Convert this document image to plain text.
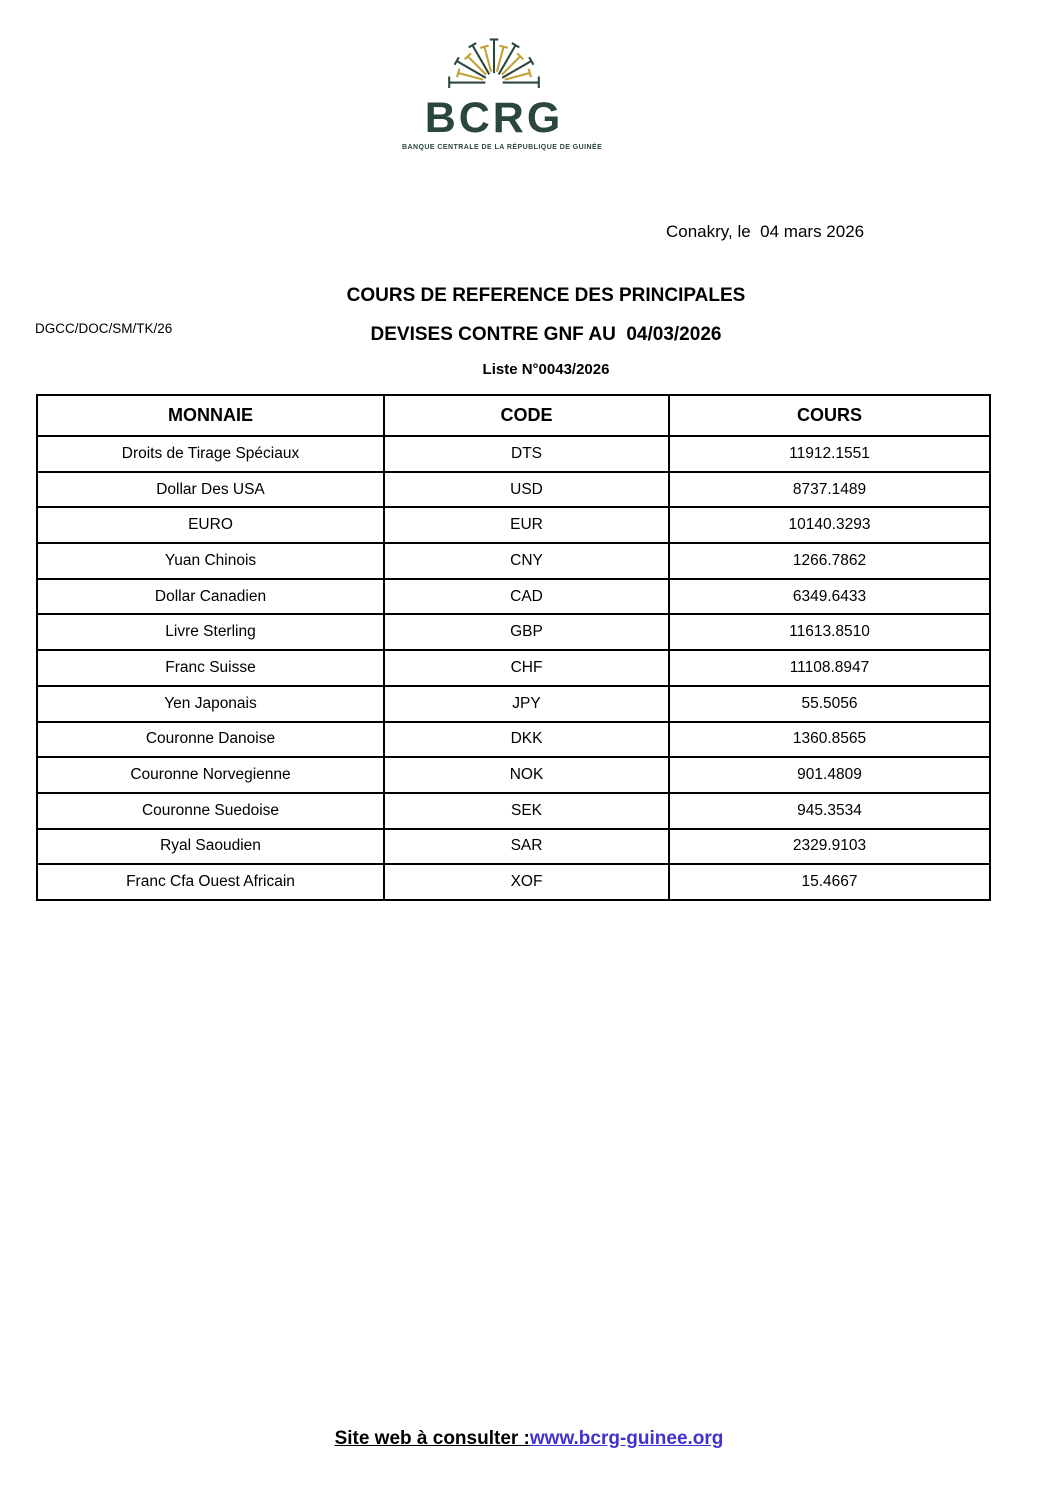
BCRG
BANQUE CENTRALE DE LA RÉPUBLIQUE DE GUINÉE
Conakry, le  04 mars 2026
DGCC/DOC/SM/TK/26
COURS DE REFERENCE DES PRINCIPALES
DEVISES CONTRE GNF AU  04/03/2026
Liste N°0043/2026
MONNAIE	CODE	COURS
Droits de Tirage Spéciaux	DTS	11912.1551
Dollar Des USA	USD	8737.1489
EURO	EUR	10140.3293
Yuan Chinois	CNY	1266.7862
Dollar Canadien	CAD	6349.6433
Livre Sterling	GBP	11613.8510
Franc Suisse	CHF	11108.8947
Yen Japonais	JPY	55.5056
Couronne Danoise	DKK	1360.8565
Couronne Norvegienne	NOK	901.4809
Couronne Suedoise	SEK	945.3534
Ryal Saoudien	SAR	2329.9103
Franc Cfa Ouest Africain	XOF	15.4667
Site web à consulter :www.bcrg-guinee.org
